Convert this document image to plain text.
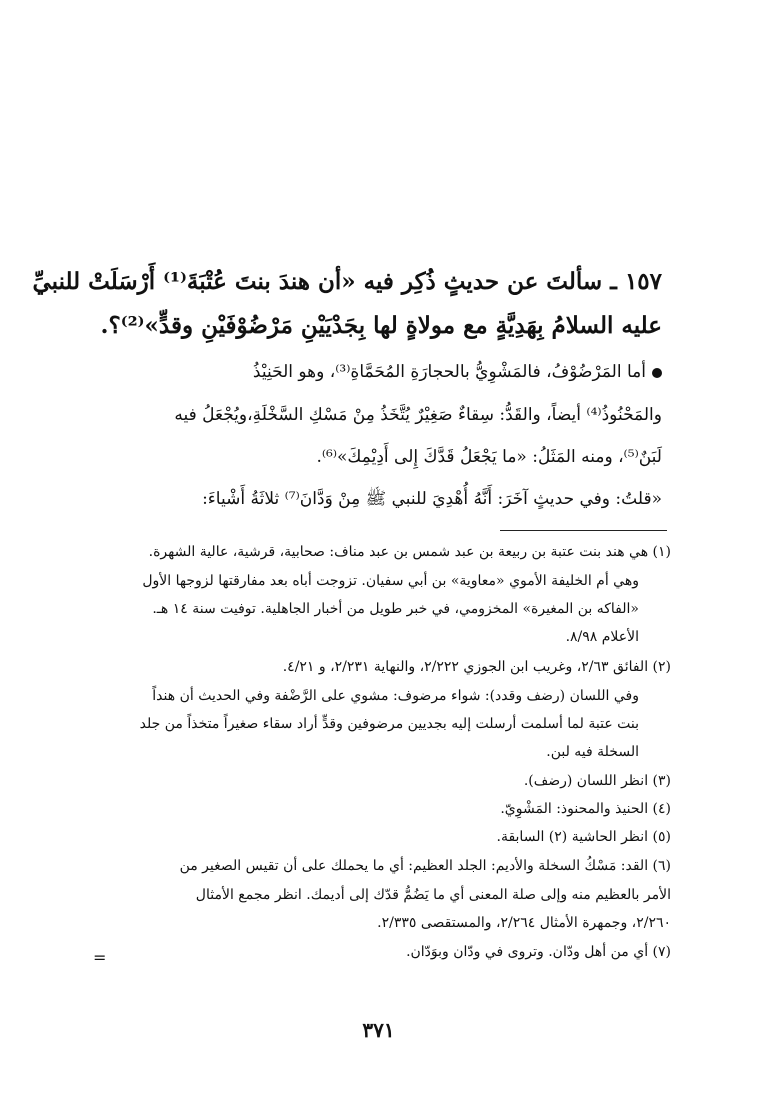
١٥٧ ـ سألتَ عن حديثٍ ذُكِر فيه «أن هندَ بنتَ عُتْبَةَ⁽¹⁾ أَرْسَلَتْ للنبيِّ
عليه السلامُ بِهَدِيَّةٍ مع مولاةٍ لها بِجَدْيَيْنِ مَرْضُوْفَيْنِ وقدٍّ»⁽²⁾؟.
أما المَرْضُوْفُ، فالمَشْوِيُّ بالحجارَةِ المُحَمَّاةِ⁽³⁾، وهو الحَنِيْذُ
والمَحْنُوذُ⁽⁴⁾ أيضاً، والقَدُّ: سِقاءٌ صَغِيْرٌ يُتَّخَذُ مِنْ مَسْكِ السَّخْلَةِ،ويُجْعَلُ فيه
لَبَنٌ⁽⁵⁾، ومنه المَثَلُ: «ما يَجْعَلُ قَدَّكَ إِلى أَدِيْمِكَ»⁽⁶⁾.
«قلتُ: وفي حديثٍ آخَرَ: أَنَّهُ أُهْدِيَ للنبي ﷺ مِنْ وَدَّانَ⁽⁷⁾ ثلاثَةُ أَشْياءَ:
(١) هي هند بنت عتبة بن ربيعة بن عبد شمس بن عبد مناف: صحابية، قرشية، عالية الشهرة.
وهي أم الخليفة الأموي «معاوية» بن أبي سفيان. تزوجت أباه بعد مفارقتها لزوجها الأول
«الفاكه بن المغيرة» المخزومي، في خبر طويل من أخبار الجاهلية. توفيت سنة ١٤ هـ.
الأعلام ٨/٩٨.
(٢) الفائق ٢/٦٣، وغريب ابن الجوزي ٢/٢٢٢، والنهاية ٢/٢٣١، و ٤/٢١.
وفي اللسان (رضف وقدد): شواء مرضوف: مشوي على الرَّضْفة وفي الحديث أن هنداً
بنت عتبة لما أسلمت أرسلت إليه بجديين مرضوفين وقدٍّ أراد سقاء صغيراً متخذاً من جلد
السخلة فيه لبن.
(٣) انظر اللسان (رضف).
(٤) الحنيذ والمحنوذ: المَشْوِيّ.
(٥) انظر الحاشية (٢) السابقة.
(٦) القد: مَسْكُ السخلة والأديم: الجلد العظيم: أي ما يحملك على أن تقيس الصغير من
الأمر بالعظيم منه وإلى صلة المعنى أي ما يَضُمُّ قدّك إلى أديمك. انظر مجمع الأمثال
٢/٢٦٠، وجمهرة الأمثال ٢/٢٦٤، والمستقصى ٢/٣٣٥.
(٧) أي من أهل ودّان. وتروى في ودّان وبوَدّان.
=
٣٧١
